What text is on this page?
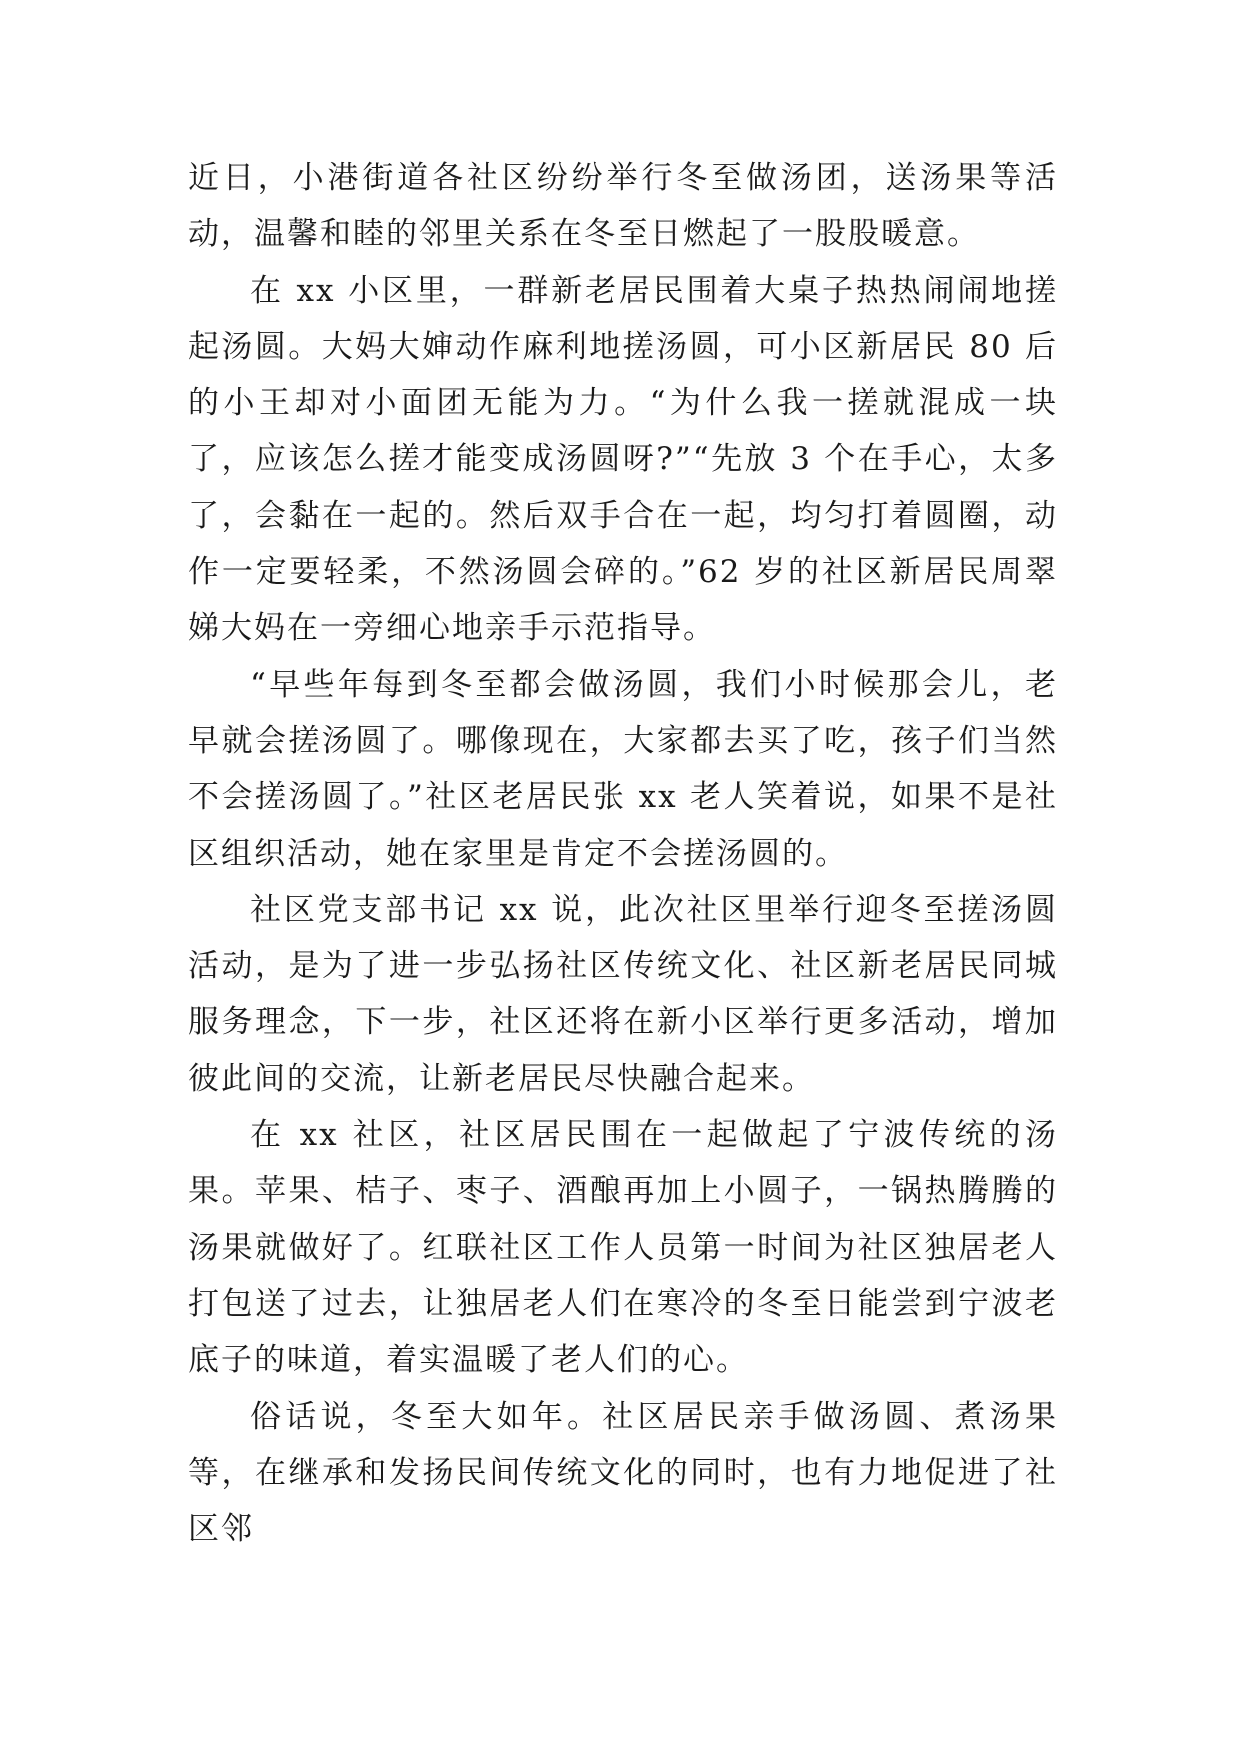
近日，小港街道各社区纷纷举行冬至做汤团，送汤果等活动，温馨和睦的邻里关系在冬至日燃起了一股股暖意。

在 xx 小区里，一群新老居民围着大桌子热热闹闹地搓起汤圆。大妈大婶动作麻利地搓汤圆，可小区新居民 80 后的小王却对小面团无能为力。“为什么我一搓就混成一块了，应该怎么搓才能变成汤圆呀?”“先放 3 个在手心，太多了，会黏在一起的。然后双手合在一起，均匀打着圆圈，动作一定要轻柔，不然汤圆会碎的。”62 岁的社区新居民周翠娣大妈在一旁细心地亲手示范指导。

“早些年每到冬至都会做汤圆，我们小时候那会儿，老早就会搓汤圆了。哪像现在，大家都去买了吃，孩子们当然不会搓汤圆了。”社区老居民张 xx 老人笑着说，如果不是社区组织活动，她在家里是肯定不会搓汤圆的。

社区党支部书记 xx 说，此次社区里举行迎冬至搓汤圆活动，是为了进一步弘扬社区传统文化、社区新老居民同城服务理念，下一步，社区还将在新小区举行更多活动，增加彼此间的交流，让新老居民尽快融合起来。

在 xx 社区，社区居民围在一起做起了宁波传统的汤果。苹果、桔子、枣子、酒酿再加上小圆子，一锅热腾腾的汤果就做好了。红联社区工作人员第一时间为社区独居老人打包送了过去，让独居老人们在寒冷的冬至日能尝到宁波老底子的味道，着实温暖了老人们的心。

俗话说，冬至大如年。社区居民亲手做汤圆、煮汤果等，在继承和发扬民间传统文化的同时，也有力地促进了社区邻
